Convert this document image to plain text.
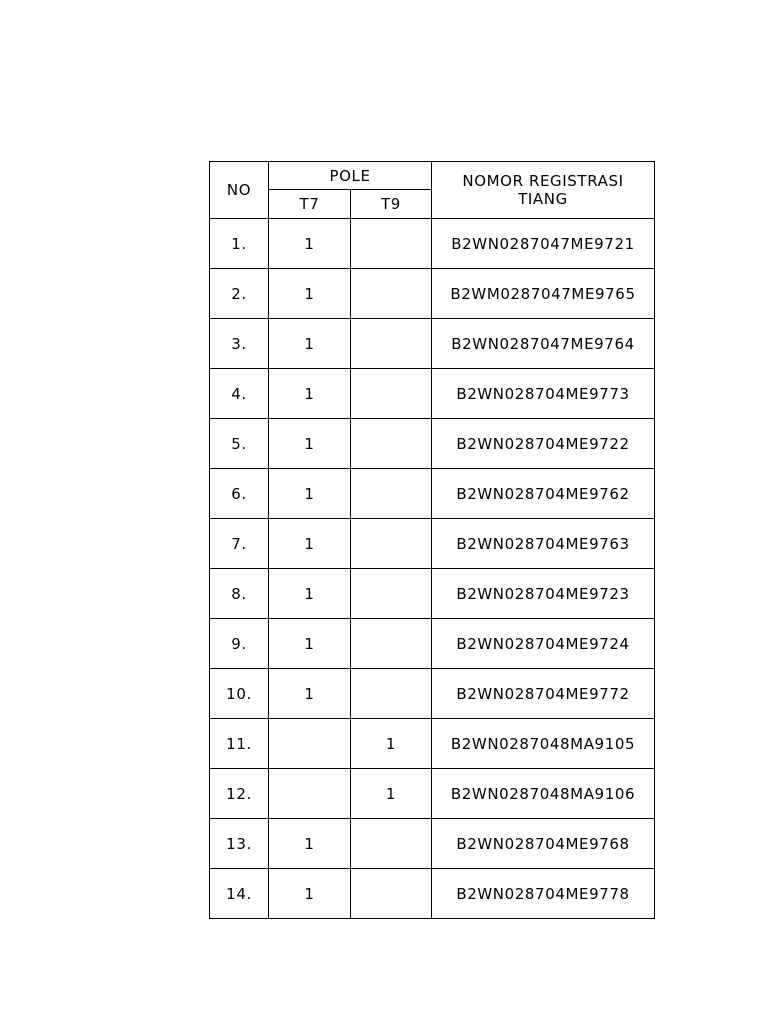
NO	POLE		NOMOR REGISTRASI
TIANG

	T7	T9	
1.	1		B2WN0287047ME9721
2.	1		B2WM0287047ME9765
3.	1		B2WN0287047ME9764
4.	1		B2WN028704ME9773
5.	1		B2WN028704ME9722
6.	1		B2WN028704ME9762
7.	1		B2WN028704ME9763
8.	1		B2WN028704ME9723
9.	1		B2WN028704ME9724
10.	1		B2WN028704ME9772
11.		1	B2WN0287048MA9105
12.		1	B2WN0287048MA9106
13.	1		B2WN028704ME9768
14.	1		B2WN028704ME9778
